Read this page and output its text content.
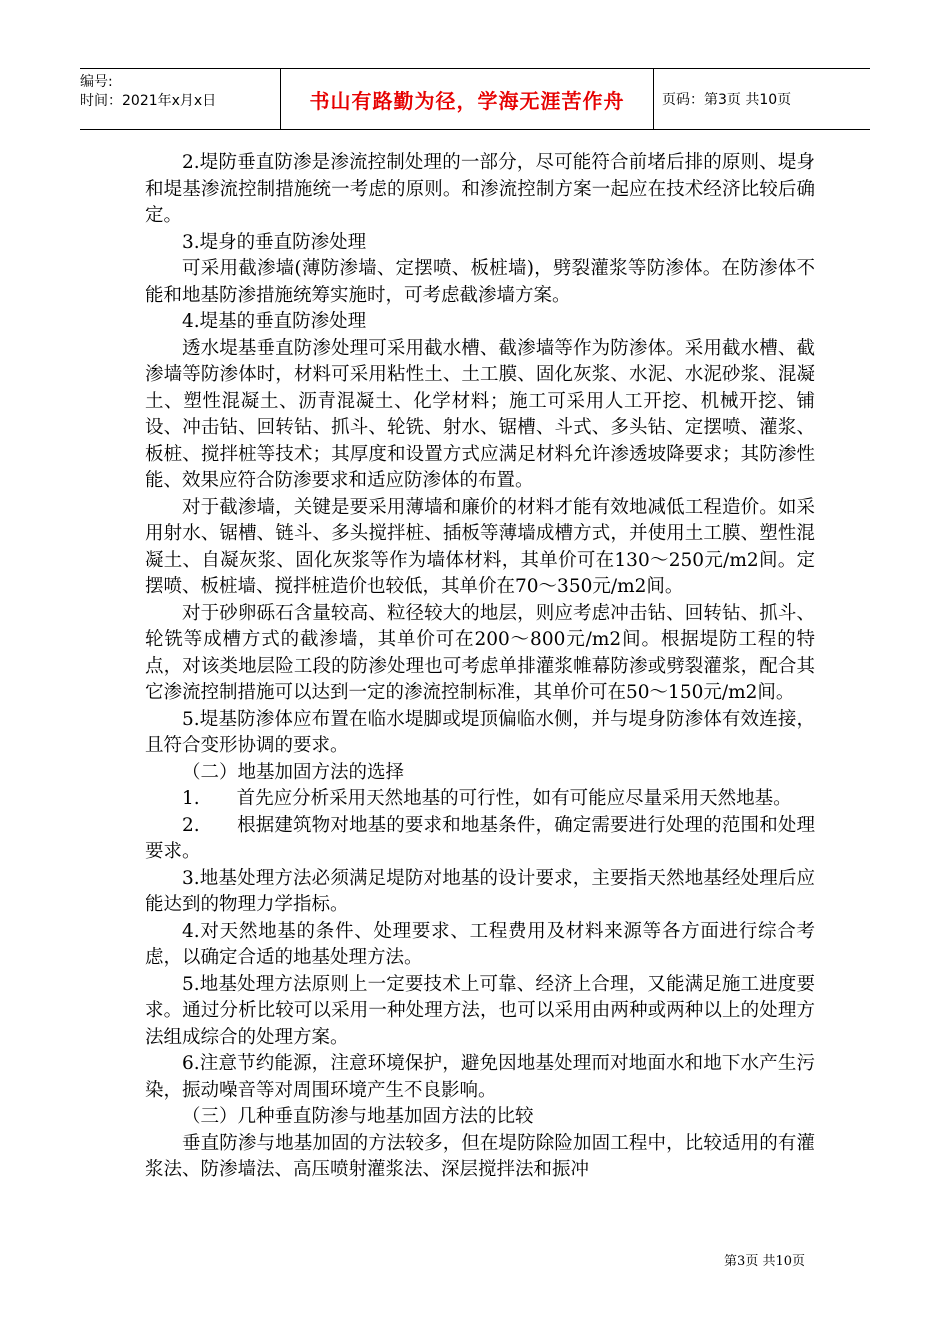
编号:
时间：2021年x月x日	书山有路勤为径，学海无涯苦作舟	页码：第3页 共10页

2.堤防垂直防渗是渗流控制处理的一部分，尽可能符合前堵后排的原则、堤身和堤基渗流控制措施统一考虑的原则。和渗流控制方案一起应在技术经济比较后确定。

3.堤身的垂直防渗处理

可采用截渗墙(薄防渗墙、定摆喷、板桩墙)，劈裂灌浆等防渗体。在防渗体不能和地基防渗措施统筹实施时，可考虑截渗墙方案。

4.堤基的垂直防渗处理

透水堤基垂直防渗处理可采用截水槽、截渗墙等作为防渗体。采用截水槽、截渗墙等防渗体时，材料可采用粘性土、土工膜、固化灰浆、水泥、水泥砂浆、混凝土、塑性混凝土、沥青混凝土、化学材料；施工可采用人工开挖、机械开挖、铺设、冲击钻、回转钻、抓斗、轮铣、射水、锯槽、斗式、多头钻、定摆喷、灌浆、板桩、搅拌桩等技术；其厚度和设置方式应满足材料允许渗透坡降要求；其防渗性能、效果应符合防渗要求和适应防渗体的布置。

对于截渗墙，关键是要采用薄墙和廉价的材料才能有效地减低工程造价。如采用射水、锯槽、链斗、多头搅拌桩、插板等薄墙成槽方式，并使用土工膜、塑性混凝土、自凝灰浆、固化灰浆等作为墙体材料，其单价可在130～250元/m2间。定摆喷、板桩墙、搅拌桩造价也较低，其单价在70～350元/m2间。

对于砂卵砾石含量较高、粒径较大的地层，则应考虑冲击钻、回转钻、抓斗、轮铣等成槽方式的截渗墙，其单价可在200～800元/m2间。根据堤防工程的特点，对该类地层险工段的防渗处理也可考虑单排灌浆帷幕防渗或劈裂灌浆，配合其它渗流控制措施可以达到一定的渗流控制标准，其单价可在50～150元/m2间。

5.堤基防渗体应布置在临水堤脚或堤顶偏临水侧，并与堤身防渗体有效连接，且符合变形协调的要求。

（二）地基加固方法的选择

1.　　首先应分析采用天然地基的可行性，如有可能应尽量采用天然地基。

2.　　根据建筑物对地基的要求和地基条件，确定需要进行处理的范围和处理要求。

3.地基处理方法必须满足堤防对地基的设计要求，主要指天然地基经处理后应能达到的物理力学指标。

4.对天然地基的条件、处理要求、工程费用及材料来源等各方面进行综合考虑，以确定合适的地基处理方法。

5.地基处理方法原则上一定要技术上可靠、经济上合理，又能满足施工进度要求。通过分析比较可以采用一种处理方法，也可以采用由两种或两种以上的处理方法组成综合的处理方案。

6.注意节约能源，注意环境保护，避免因地基处理而对地面水和地下水产生污染，振动噪音等对周围环境产生不良影响。

（三）几种垂直防渗与地基加固方法的比较

垂直防渗与地基加固的方法较多，但在堤防除险加固工程中，比较适用的有灌浆法、防渗墙法、高压喷射灌浆法、深层搅拌法和振冲

第3页 共10页
